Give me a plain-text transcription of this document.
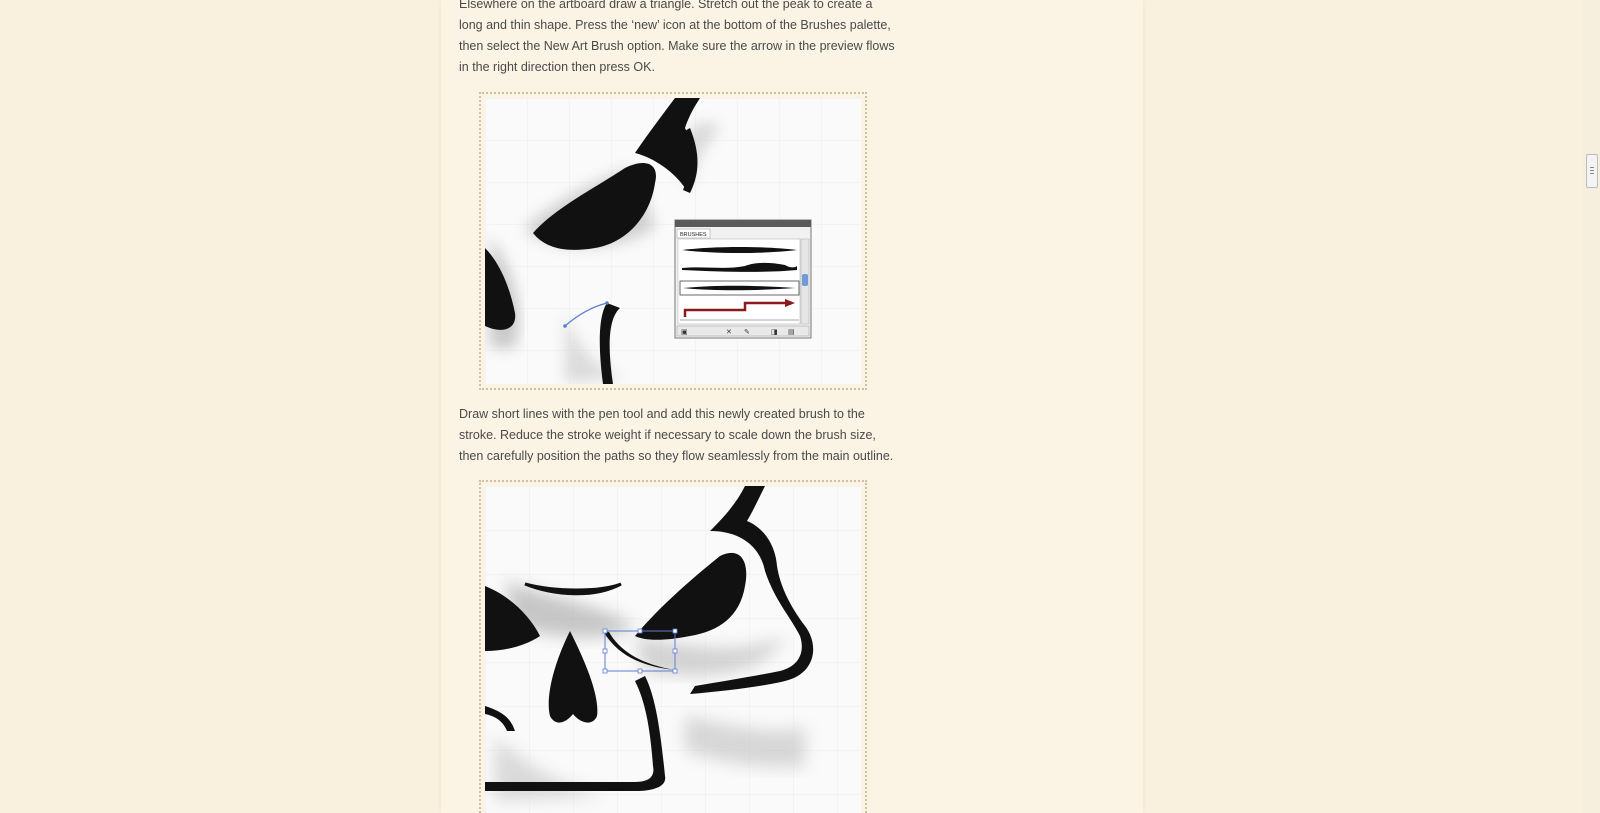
Elsewhere on the artboard draw a triangle. Stretch out the peak to create a long and thin shape. Press the ‘new’ icon at the bottom of the Brushes palette, then select the New Art Brush option. Make sure the arrow in the preview flows in the right direction then press OK.

BRUSHES
▣	✕ ✎	◨ ▤

Draw short lines with the pen tool and add this newly created brush to the stroke. Reduce the stroke weight if necessary to scale down the brush size, then carefully position the paths so they flow seamlessly from the main outline.
